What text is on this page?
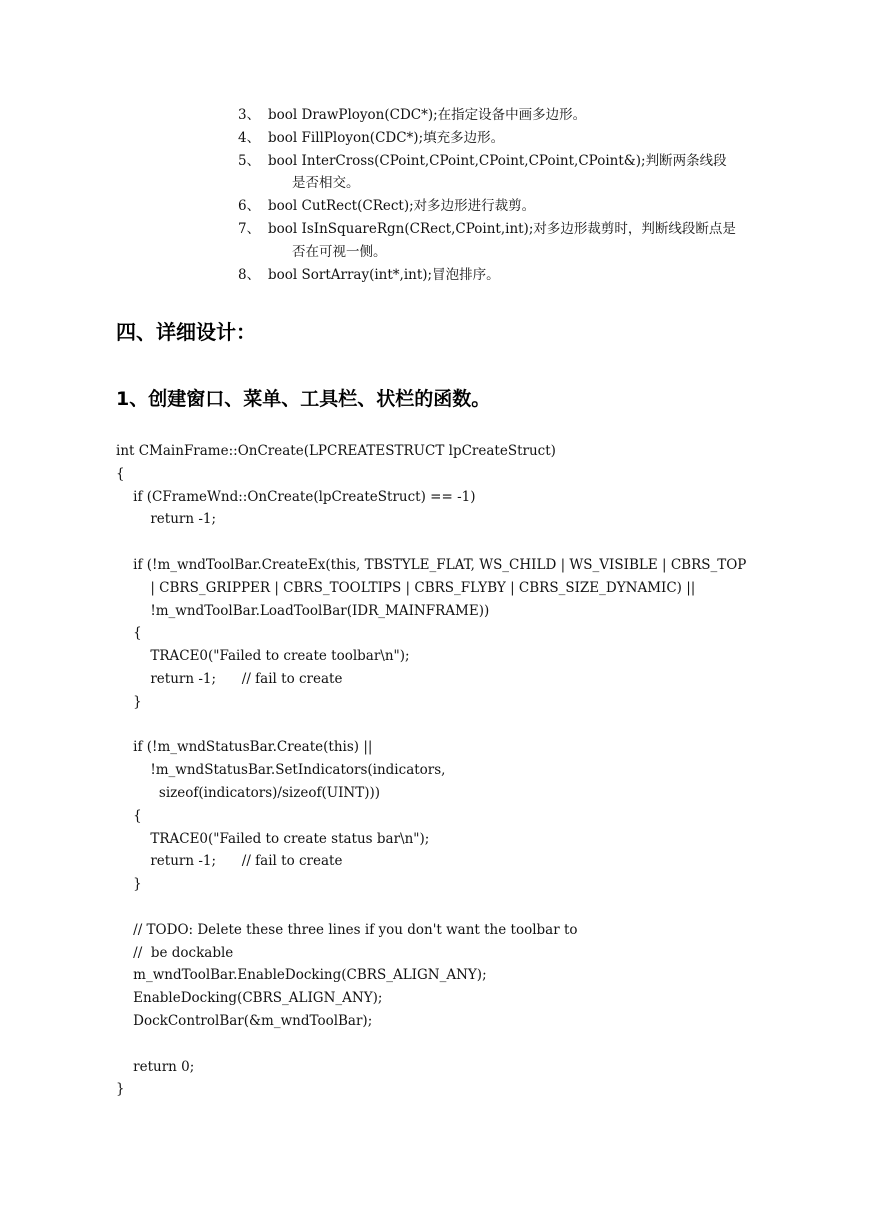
3、 bool DrawPloyon(CDC*);在指定设备中画多边形。
4、 bool FillPloyon(CDC*);填充多边形。
5、 bool InterCross(CPoint,CPoint,CPoint,CPoint,CPoint&);判断两条线段
是否相交。
6、 bool CutRect(CRect);对多边形进行裁剪。
7、 bool IsInSquareRgn(CRect,CPoint,int);对多边形裁剪时，判断线段断点是
否在可视一侧。
8、 bool SortArray(int*,int);冒泡排序。
四、详细设计：
1、创建窗口、菜单、工具栏、状栏的函数。
int CMainFrame::OnCreate(LPCREATESTRUCT lpCreateStruct)
{
if (CFrameWnd::OnCreate(lpCreateStruct) == -1)
return -1;
if (!m_wndToolBar.CreateEx(this, TBSTYLE_FLAT, WS_CHILD | WS_VISIBLE | CBRS_TOP
| CBRS_GRIPPER | CBRS_TOOLTIPS | CBRS_FLYBY | CBRS_SIZE_DYNAMIC) ||
!m_wndToolBar.LoadToolBar(IDR_MAINFRAME))
{
TRACE0("Failed to create toolbar\n");
return -1;      // fail to create
}
if (!m_wndStatusBar.Create(this) ||
!m_wndStatusBar.SetIndicators(indicators,
sizeof(indicators)/sizeof(UINT)))
{
TRACE0("Failed to create status bar\n");
return -1;      // fail to create
}
// TODO: Delete these three lines if you don't want the toolbar to
//  be dockable
m_wndToolBar.EnableDocking(CBRS_ALIGN_ANY);
EnableDocking(CBRS_ALIGN_ANY);
DockControlBar(&m_wndToolBar);
return 0;
}
